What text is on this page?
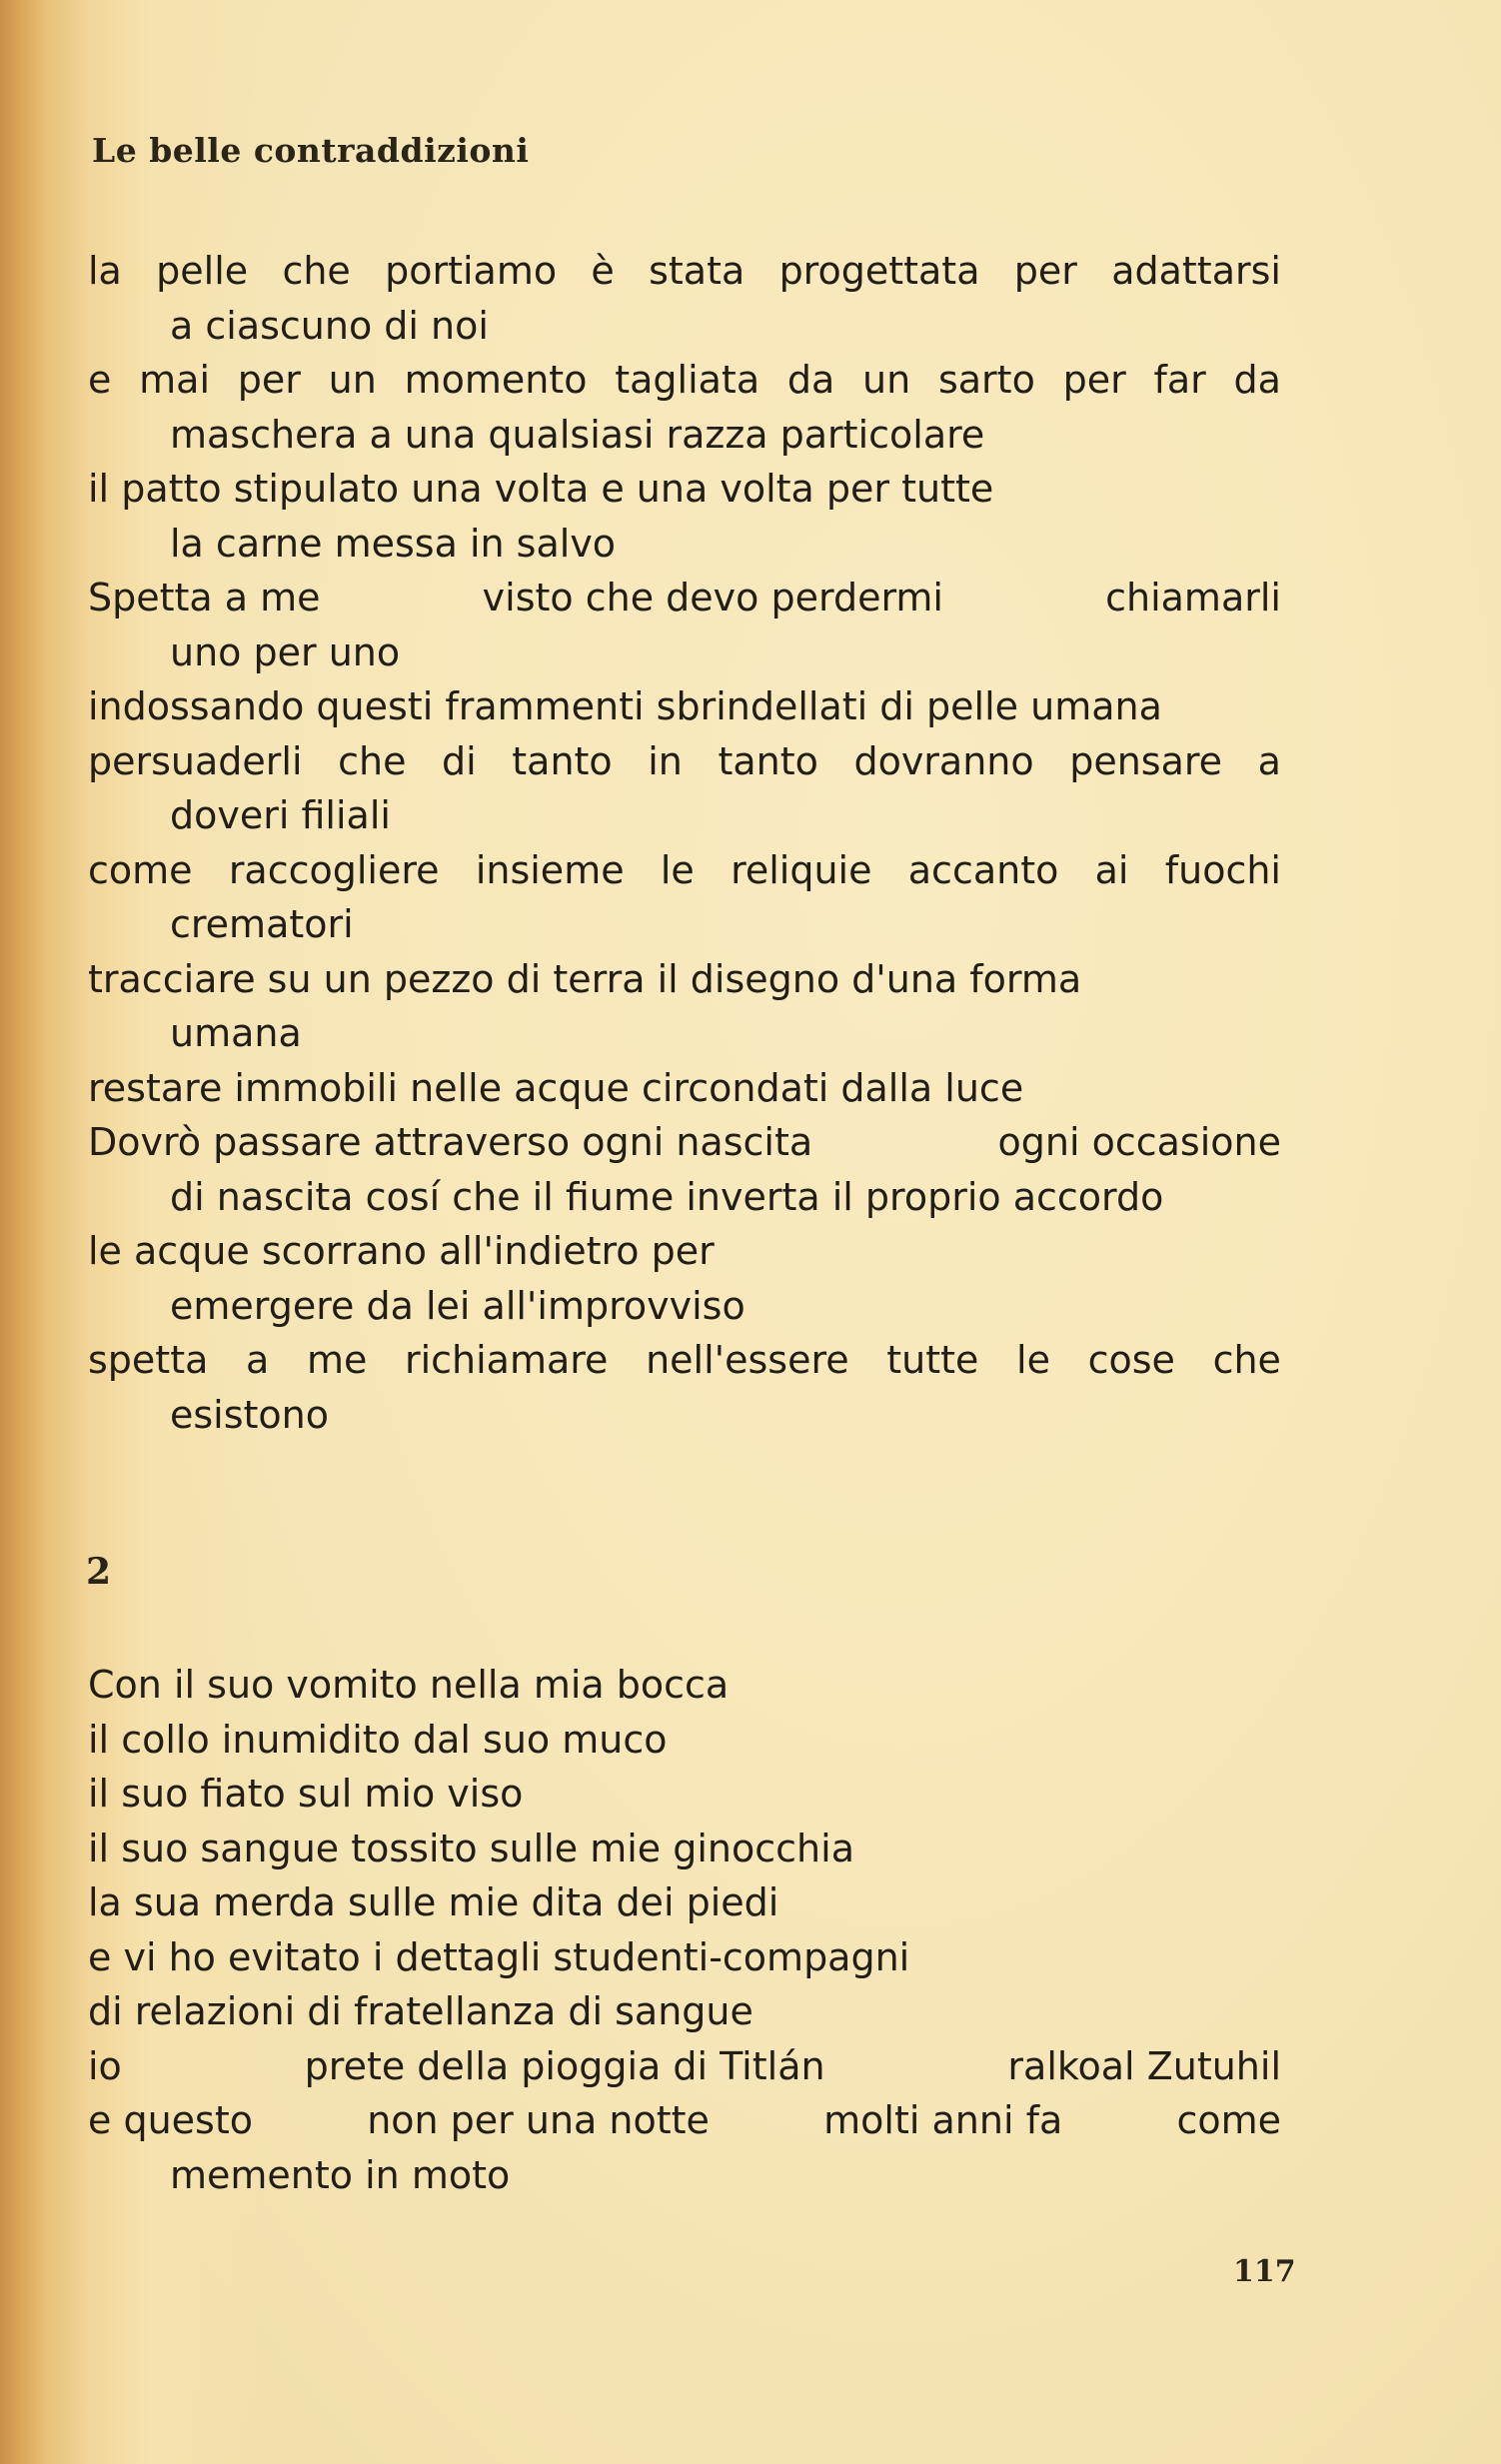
Le belle contraddizioni
la pelle che portiamo è stata progettata per adattarsi
a ciascuno di noi
e mai per un momento tagliata da un sarto per far da
maschera a una qualsiasi razza particolare
il patto stipulato una volta e una volta per tutte
la carne messa in salvo
Spetta a me	visto che devo perdermi	chiamarli
uno per uno
indossando questi frammenti sbrindellati di pelle umana
persuaderli che di tanto in tanto dovranno pensare a
doveri filiali
come raccogliere insieme le reliquie accanto ai fuochi
crematori
tracciare su un pezzo di terra il disegno d'una forma
umana
restare immobili nelle acque circondati dalla luce
Dovrò passare attraverso ogni nascita	ogni occasione
di nascita cosí che il fiume inverta il proprio accordo
le acque scorrano all'indietro per
emergere da lei all'improvviso
spetta a me richiamare nell'essere tutte le cose che
esistono
2
Con il suo vomito nella mia bocca
il collo inumidito dal suo muco
il suo fiato sul mio viso
il suo sangue tossito sulle mie ginocchia
la sua merda sulle mie dita dei piedi
e vi ho evitato i dettagli studenti-compagni
di relazioni di fratellanza di sangue
io	prete della pioggia di Titlán	ralkoal Zutuhil
e questo	non per una notte	molti anni fa	come
memento in moto
117
